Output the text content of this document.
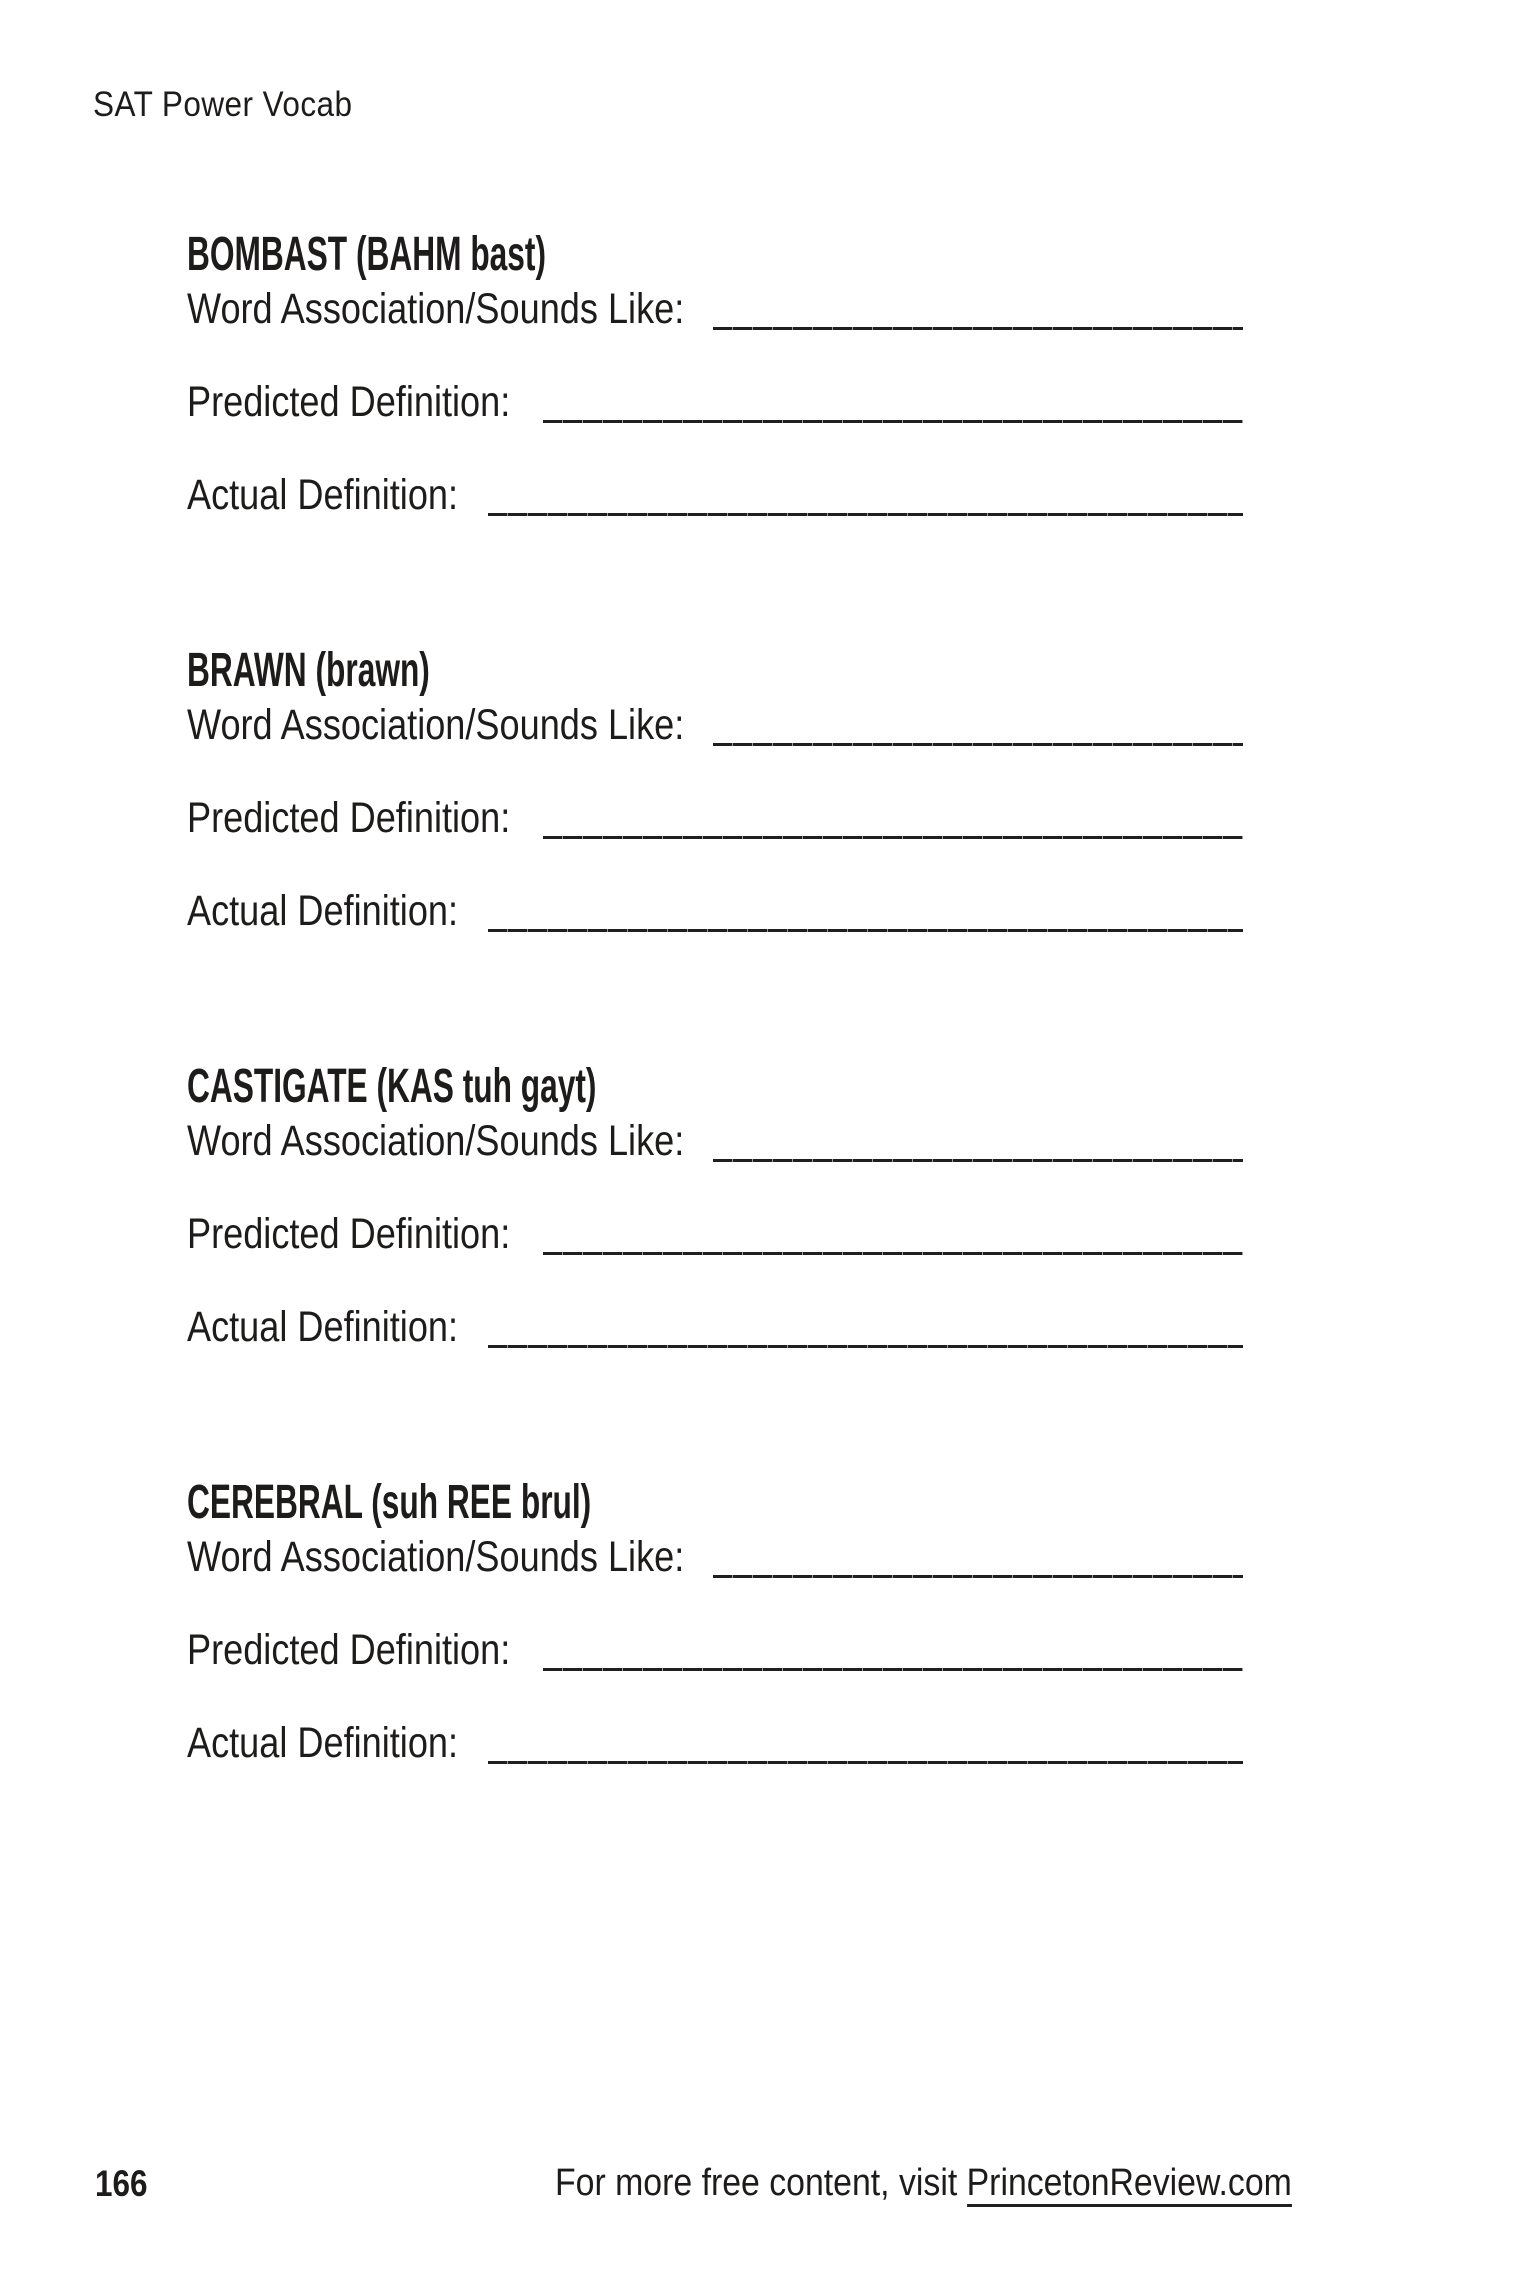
SAT Power Vocab
BOMBAST (BAHM bast)
Word Association/Sounds Like:
Predicted Definition:
Actual Definition:
BRAWN (brawn)
Word Association/Sounds Like:
Predicted Definition:
Actual Definition:
CASTIGATE (KAS tuh gayt)
Word Association/Sounds Like:
Predicted Definition:
Actual Definition:
CEREBRAL (suh REE brul)
Word Association/Sounds Like:
Predicted Definition:
Actual Definition:
166	For more free content, visit PrincetonReview.com
